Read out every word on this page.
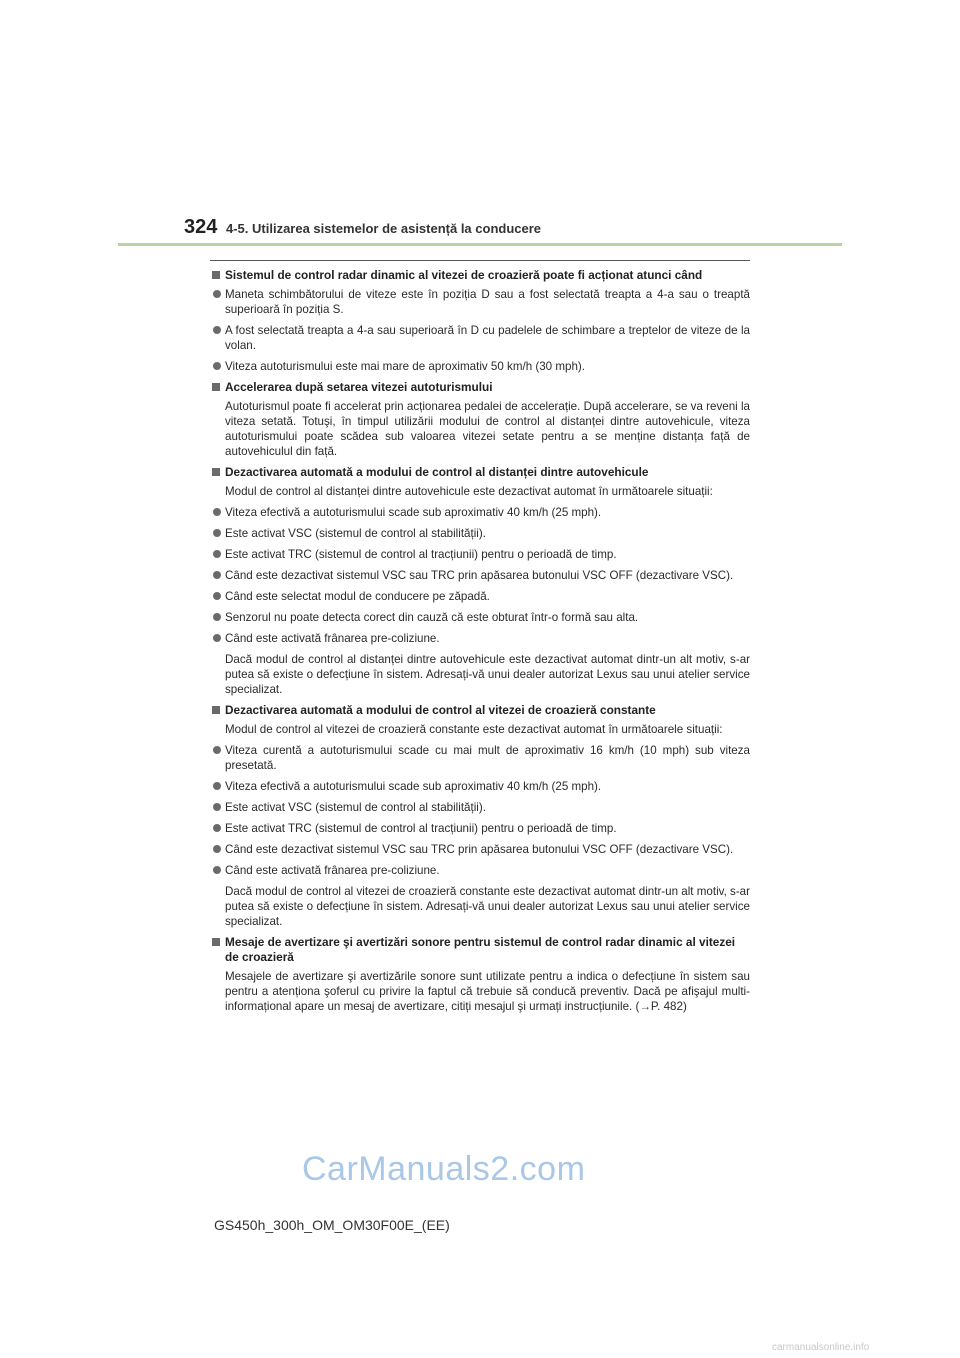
324 4-5. Utilizarea sistemelor de asistență la conducere
Sistemul de control radar dinamic al vitezei de croazieră poate fi acționat atunci când
Maneta schimbătorului de viteze este în poziția D sau a fost selectată treapta a 4-a sau o treaptă superioară în poziția S.
A fost selectată treapta a 4-a sau superioară în D cu padelele de schimbare a treptelor de viteze de la volan.
Viteza autoturismului este mai mare de aproximativ 50 km/h (30 mph).
Accelerarea după setarea vitezei autoturismului
Autoturismul poate fi accelerat prin acționarea pedalei de accelerație. După accelerare, se va reveni la viteza setată. Totuşi, în timpul utilizării modului de control al distanței dintre autovehicule, viteza autoturismului poate scădea sub valoarea vitezei setate pentru a se menține distanța față de autovehiculul din față.
Dezactivarea automată a modului de control al distanței dintre autovehicule
Modul de control al distanței dintre autovehicule este dezactivat automat în următoarele situații:
Viteza efectivă a autoturismului scade sub aproximativ 40 km/h (25 mph).
Este activat VSC (sistemul de control al stabilității).
Este activat TRC (sistemul de control al tracțiunii) pentru o perioadă de timp.
Când este dezactivat sistemul VSC sau TRC prin apăsarea butonului VSC OFF (dezactivare VSC).
Când este selectat modul de conducere pe zăpadă.
Senzorul nu poate detecta corect din cauză că este obturat într-o formă sau alta.
Când este activată frânarea pre-coliziune.
Dacă modul de control al distanței dintre autovehicule este dezactivat automat dintr-un alt motiv, s-ar putea să existe o defecțiune în sistem. Adresați-vă unui dealer autorizat Lexus sau unui atelier service specializat.
Dezactivarea automată a modului de control al vitezei de croazieră constante
Modul de control al vitezei de croazieră constante este dezactivat automat în următoarele situații:
Viteza curentă a autoturismului scade cu mai mult de aproximativ 16 km/h (10 mph) sub viteza presetată.
Viteza efectivă a autoturismului scade sub aproximativ 40 km/h (25 mph).
Este activat VSC (sistemul de control al stabilității).
Este activat TRC (sistemul de control al tracțiunii) pentru o perioadă de timp.
Când este dezactivat sistemul VSC sau TRC prin apăsarea butonului VSC OFF (dezactivare VSC).
Când este activată frânarea pre-coliziune.
Dacă modul de control al vitezei de croazieră constante este dezactivat automat dintr-un alt motiv, s-ar putea să existe o defecțiune în sistem. Adresați-vă unui dealer autorizat Lexus sau unui atelier service specializat.
Mesaje de avertizare şi avertizări sonore pentru sistemul de control radar dinamic al vitezei de croazieră
Mesajele de avertizare şi avertizările sonore sunt utilizate pentru a indica o defecțiune în sistem sau pentru a atenționa şoferul cu privire la faptul că trebuie să conducă preventiv. Dacă pe afişajul multi-informațional apare un mesaj de avertizare, citiți mesajul şi urmați instrucțiunile. (→P. 482)
CarManuals2.com
GS450h_300h_OM_OM30F00E_(EE)
carmanualsonline.info
